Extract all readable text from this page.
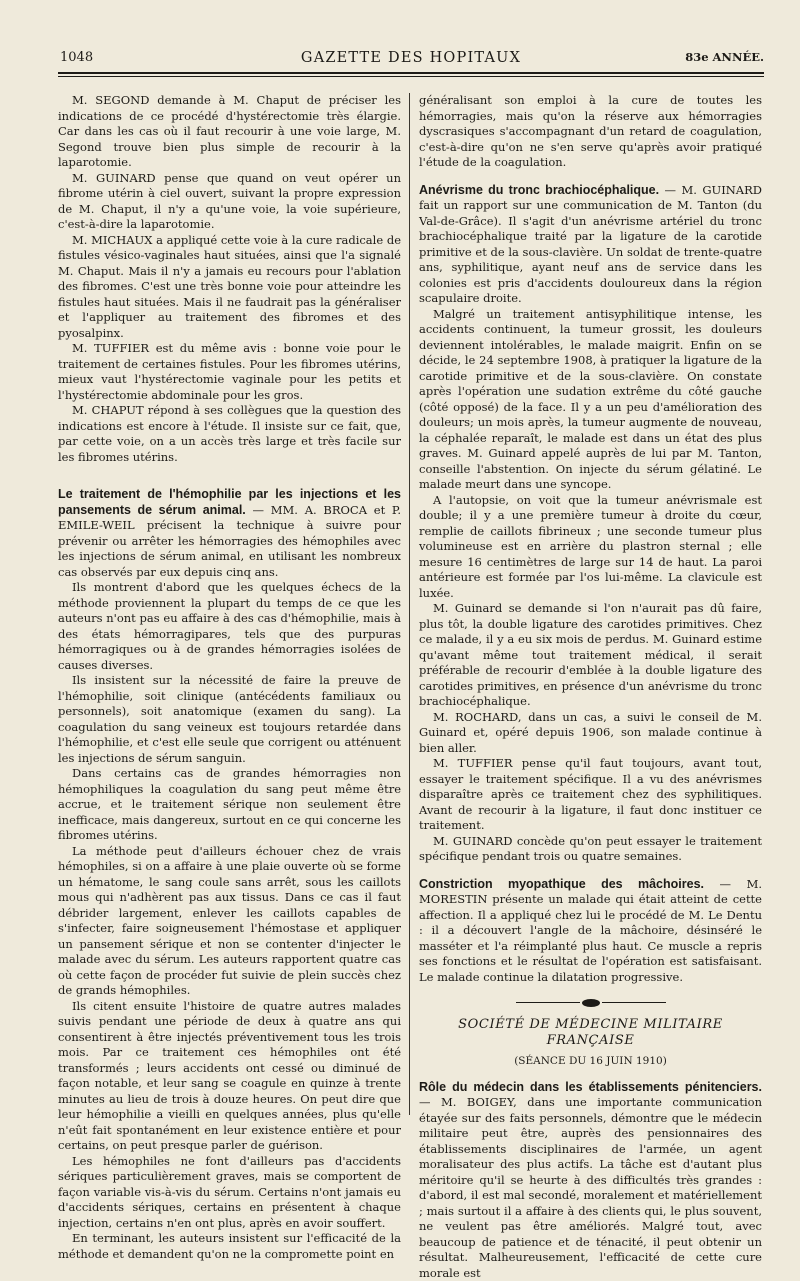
1048	GAZETTE DES HOPITAUX	83e ANNÉE.

M. SEGOND demande à M. Chaput de préciser les indications de ce procédé d'hystérectomie très élargie. Car dans les cas où il faut recourir à une voie large, M. Segond trouve bien plus simple de recourir à la laparotomie.

M. GUINARD pense que quand on veut opérer un fibrome utérin à ciel ouvert, suivant la propre expression de M. Chaput, il n'y a qu'une voie, la voie supérieure, c'est-à-dire la laparotomie.

M. MICHAUX a appliqué cette voie à la cure radicale de fistules vésico-vaginales haut situées, ainsi que l'a signalé M. Chaput. Mais il n'y a jamais eu recours pour l'ablation des fibromes. C'est une très bonne voie pour atteindre les fistules haut situées. Mais il ne faudrait pas la généraliser et l'appliquer au traitement des fibromes et des pyosalpinx.

M. TUFFIER est du même avis : bonne voie pour le traitement de certaines fistules. Pour les fibromes utérins, mieux vaut l'hystérectomie vaginale pour les petits et l'hystérectomie abdominale pour les gros.

M. CHAPUT répond à ses collègues que la question des indications est encore à l'étude. Il insiste sur ce fait, que, par cette voie, on a un accès très large et très facile sur les fibromes utérins.

Le traitement de l'hémophilie par les injections et les pansements de sérum animal. — MM. A. BROCA et P. EMILE-WEIL précisent la technique à suivre pour prévenir ou arrêter les hémorragies des hémophiles avec les injections de sérum animal, en utilisant les nombreux cas observés par eux depuis cinq ans.

Ils montrent d'abord que les quelques échecs de la méthode proviennent la plupart du temps de ce que les auteurs n'ont pas eu affaire à des cas d'hémophilie, mais à des états hémorragipares, tels que des purpuras hémorragiques ou à de grandes hémorragies isolées de causes diverses.

Ils insistent sur la nécessité de faire la preuve de l'hémophilie, soit clinique (antécédents familiaux ou personnels), soit anatomique (examen du sang). La coagulation du sang veineux est toujours retardée dans l'hémophilie, et c'est elle seule que corrigent ou atténuent les injections de sérum sanguin.

Dans certains cas de grandes hémorragies non hémophiliques la coagulation du sang peut même être accrue, et le traitement sérique non seulement être inefficace, mais dangereux, surtout en ce qui concerne les fibromes utérins.

La méthode peut d'ailleurs échouer chez de vrais hémophiles, si on a affaire à une plaie ouverte où se forme un hématome, le sang coule sans arrêt, sous les caillots mous qui n'adhèrent pas aux tissus. Dans ce cas il faut débrider largement, enlever les caillots capables de s'infecter, faire soigneusement l'hémostase et appliquer un pansement sérique et non se contenter d'injecter le malade avec du sérum. Les auteurs rapportent quatre cas où cette façon de procéder fut suivie de plein succès chez de grands hémophiles.

Ils citent ensuite l'histoire de quatre autres malades suivis pendant une période de deux à quatre ans qui consentirent à être injectés préventivement tous les trois mois. Par ce traitement ces hémophiles ont été transformés ; leurs accidents ont cessé ou diminué de façon notable, et leur sang se coagule en quinze à trente minutes au lieu de trois à douze heures. On peut dire que leur hémophilie a vieilli en quelques années, plus qu'elle n'eût fait spontanément en leur existence entière et pour certains, on peut presque parler de guérison.

Les hémophiles ne font d'ailleurs pas d'accidents sériques particulièrement graves, mais se comportent de façon variable vis-à-vis du sérum. Certains n'ont jamais eu d'accidents sériques, certains en présentent à chaque injection, certains n'en ont plus, après en avoir souffert.

En terminant, les auteurs insistent sur l'efficacité de la méthode et demandent qu'on ne la compromette point en

généralisant son emploi à la cure de toutes les hémorragies, mais qu'on la réserve aux hémorragies dyscrasiques s'accompagnant d'un retard de coagulation, c'est-à-dire qu'on ne s'en serve qu'après avoir pratiqué l'étude de la coagulation.

Anévrisme du tronc brachiocéphalique. — M. GUINARD fait un rapport sur une communication de M. Tanton (du Val-de-Grâce). Il s'agit d'un anévrisme artériel du tronc brachiocéphalique traité par la ligature de la carotide primitive et de la sous-clavière. Un soldat de trente-quatre ans, syphilitique, ayant neuf ans de service dans les colonies est pris d'accidents douloureux dans la région scapulaire droite.

Malgré un traitement antisyphilitique intense, les accidents continuent, la tumeur grossit, les douleurs deviennent intolérables, le malade maigrit. Enfin on se décide, le 24 septembre 1908, à pratiquer la ligature de la carotide primitive et de la sous-clavière. On constate après l'opération une sudation extrême du côté gauche (côté opposé) de la face. Il y a un peu d'amélioration des douleurs; un mois après, la tumeur augmente de nouveau, la céphalée reparaît, le malade est dans un état des plus graves. M. Guinard appelé auprès de lui par M. Tanton, conseille l'abstention. On injecte du sérum gélatiné. Le malade meurt dans une syncope.

A l'autopsie, on voit que la tumeur anévrismale est double; il y a une première tumeur à droite du cœur, remplie de caillots fibrineux ; une seconde tumeur plus volumineuse est en arrière du plastron sternal ; elle mesure 16 centimètres de large sur 14 de haut. La paroi antérieure est formée par l'os lui-même. La clavicule est luxée.

M. Guinard se demande si l'on n'aurait pas dû faire, plus tôt, la double ligature des carotides primitives. Chez ce malade, il y a eu six mois de perdus. M. Guinard estime qu'avant même tout traitement médical, il serait préférable de recourir d'emblée à la double ligature des carotides primitives, en présence d'un anévrisme du tronc brachiocéphalique.

M. ROCHARD, dans un cas, a suivi le conseil de M. Guinard et, opéré depuis 1906, son malade continue à bien aller.

M. TUFFIER pense qu'il faut toujours, avant tout, essayer le traitement spécifique. Il a vu des anévrismes disparaître après ce traitement chez des syphilitiques. Avant de recourir à la ligature, il faut donc instituer ce traitement.

M. GUINARD concède qu'on peut essayer le traitement spécifique pendant trois ou quatre semaines.

Constriction myopathique des mâchoires. — M. MORESTIN présente un malade qui était atteint de cette affection. Il a appliqué chez lui le procédé de M. Le Dentu : il a découvert l'angle de la mâchoire, désinséré le masséter et l'a réimplanté plus haut. Ce muscle a repris ses fonctions et le résultat de l'opération est satisfaisant. Le malade continue la dilatation progressive.

SOCIÉTÉ DE MÉDECINE MILITAIRE FRANÇAISE

(SÉANCE DU 16 JUIN 1910)

Rôle du médecin dans les établissements pénitenciers. — M. BOIGEY, dans une importante communication étayée sur des faits personnels, démontre que le médecin militaire peut être, auprès des pensionnaires des établissements disciplinaires de l'armée, un agent moralisateur des plus actifs. La tâche est d'autant plus méritoire qu'il se heurte à des difficultés très grandes : d'abord, il est mal secondé, moralement et matériellement ; mais surtout il a affaire à des clients qui, le plus souvent, ne veulent pas être améliorés. Malgré tout, avec beaucoup de patience et de ténacité, il peut obtenir un résultat. Malheureusement, l'efficacité de cette cure morale est
